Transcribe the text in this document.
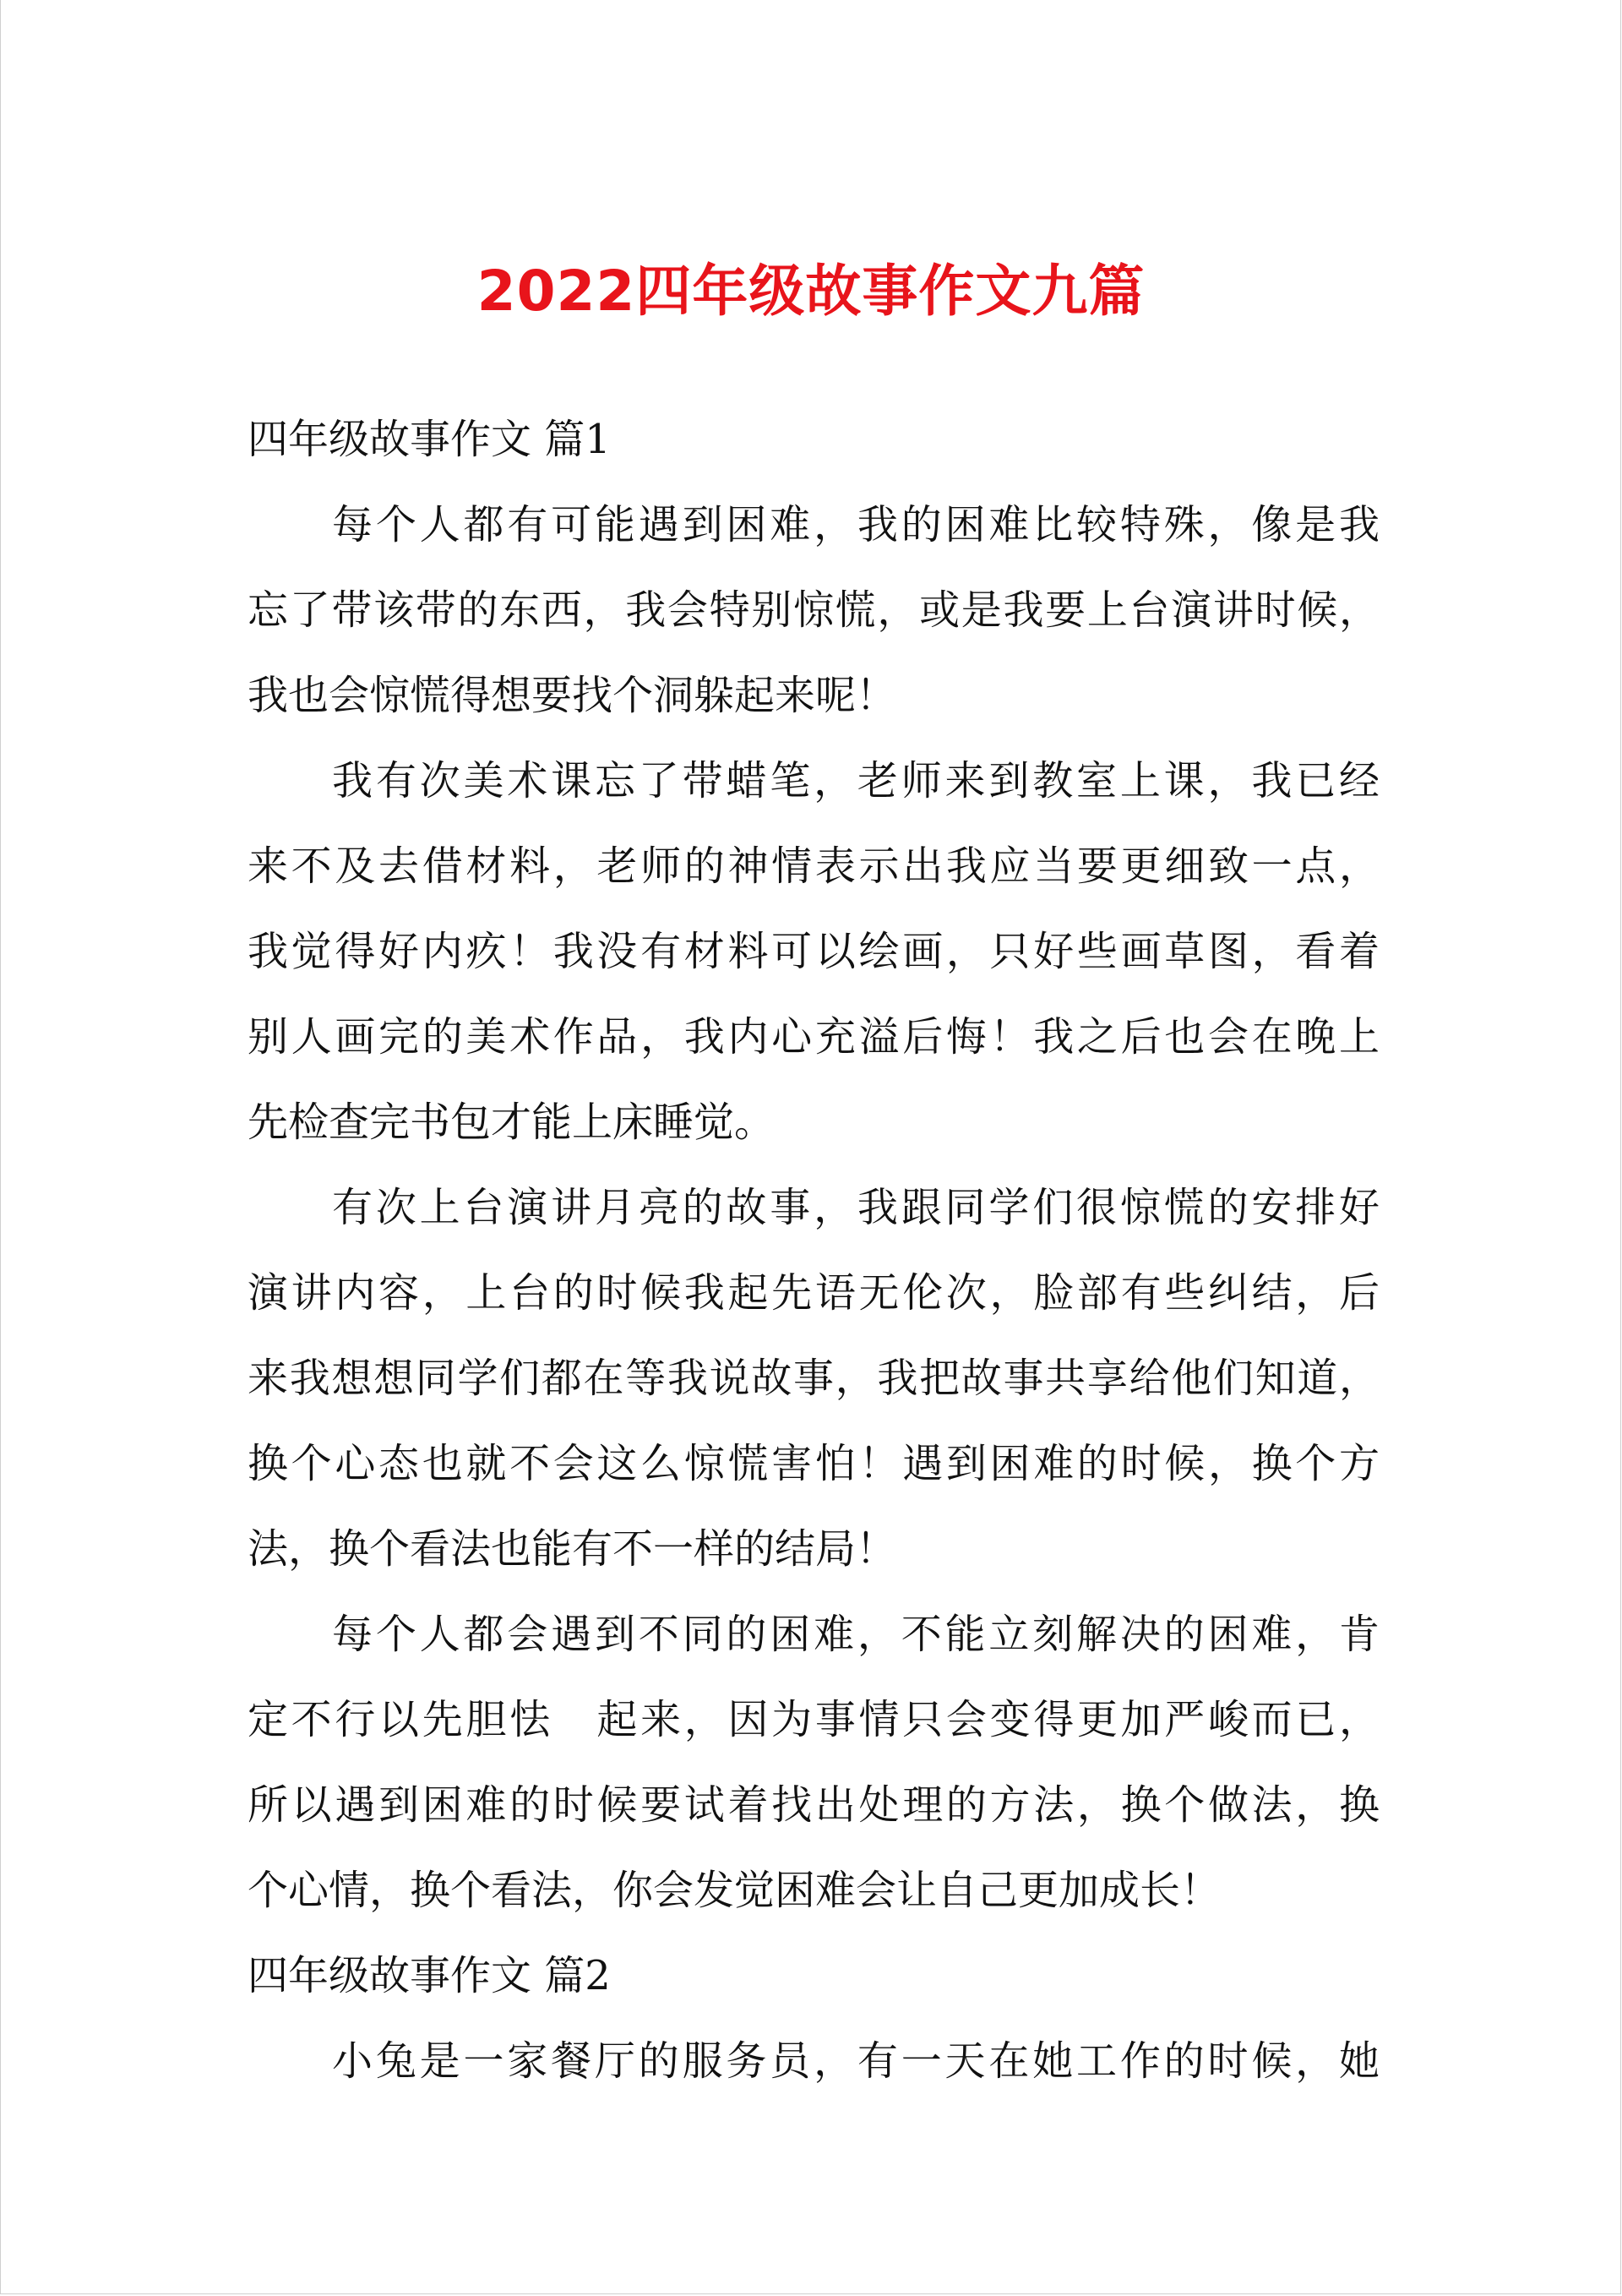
2022四年级故事作文九篇
四年级故事作文 篇1
每个人都有可能遇到困难，我的困难比较特殊，像是我
忘了带该带的东西，我会特别惊慌，或是我要上台演讲时候，
我也会惊慌得想要找个洞躲起来呢！
我有次美术课忘了带蜡笔，老师来到教室上课，我已经
来不及去借材料，老师的神情表示出我应当要更细致一点，
我觉得好内疚！我没有材料可以绘画，只好些画草图，看着
别人画完的美术作品，我内心充溢后悔！我之后也会在晚上
先检查完书包才能上床睡觉。
有次上台演讲月亮的故事，我跟同学们很惊慌的安排好
演讲内容，上台的时候我起先语无伦次，脸部有些纠结，后
来我想想同学们都在等我说故事，我把故事共享给他们知道，
换个心态也就不会这么惊慌害怕！遇到困难的时候，换个方
法，换个看法也能有不一样的结局！
每个人都会遇到不同的困难，不能立刻解决的困难，肯
定不行以先胆怯　起来，因为事情只会变得更加严峻而已，
所以遇到困难的时候要试着找出处理的方法，换个做法，换
个心情，换个看法，你会发觉困难会让自己更加成长！
四年级故事作文 篇2
小兔是一家餐厅的服务员，有一天在她工作的时候，她
